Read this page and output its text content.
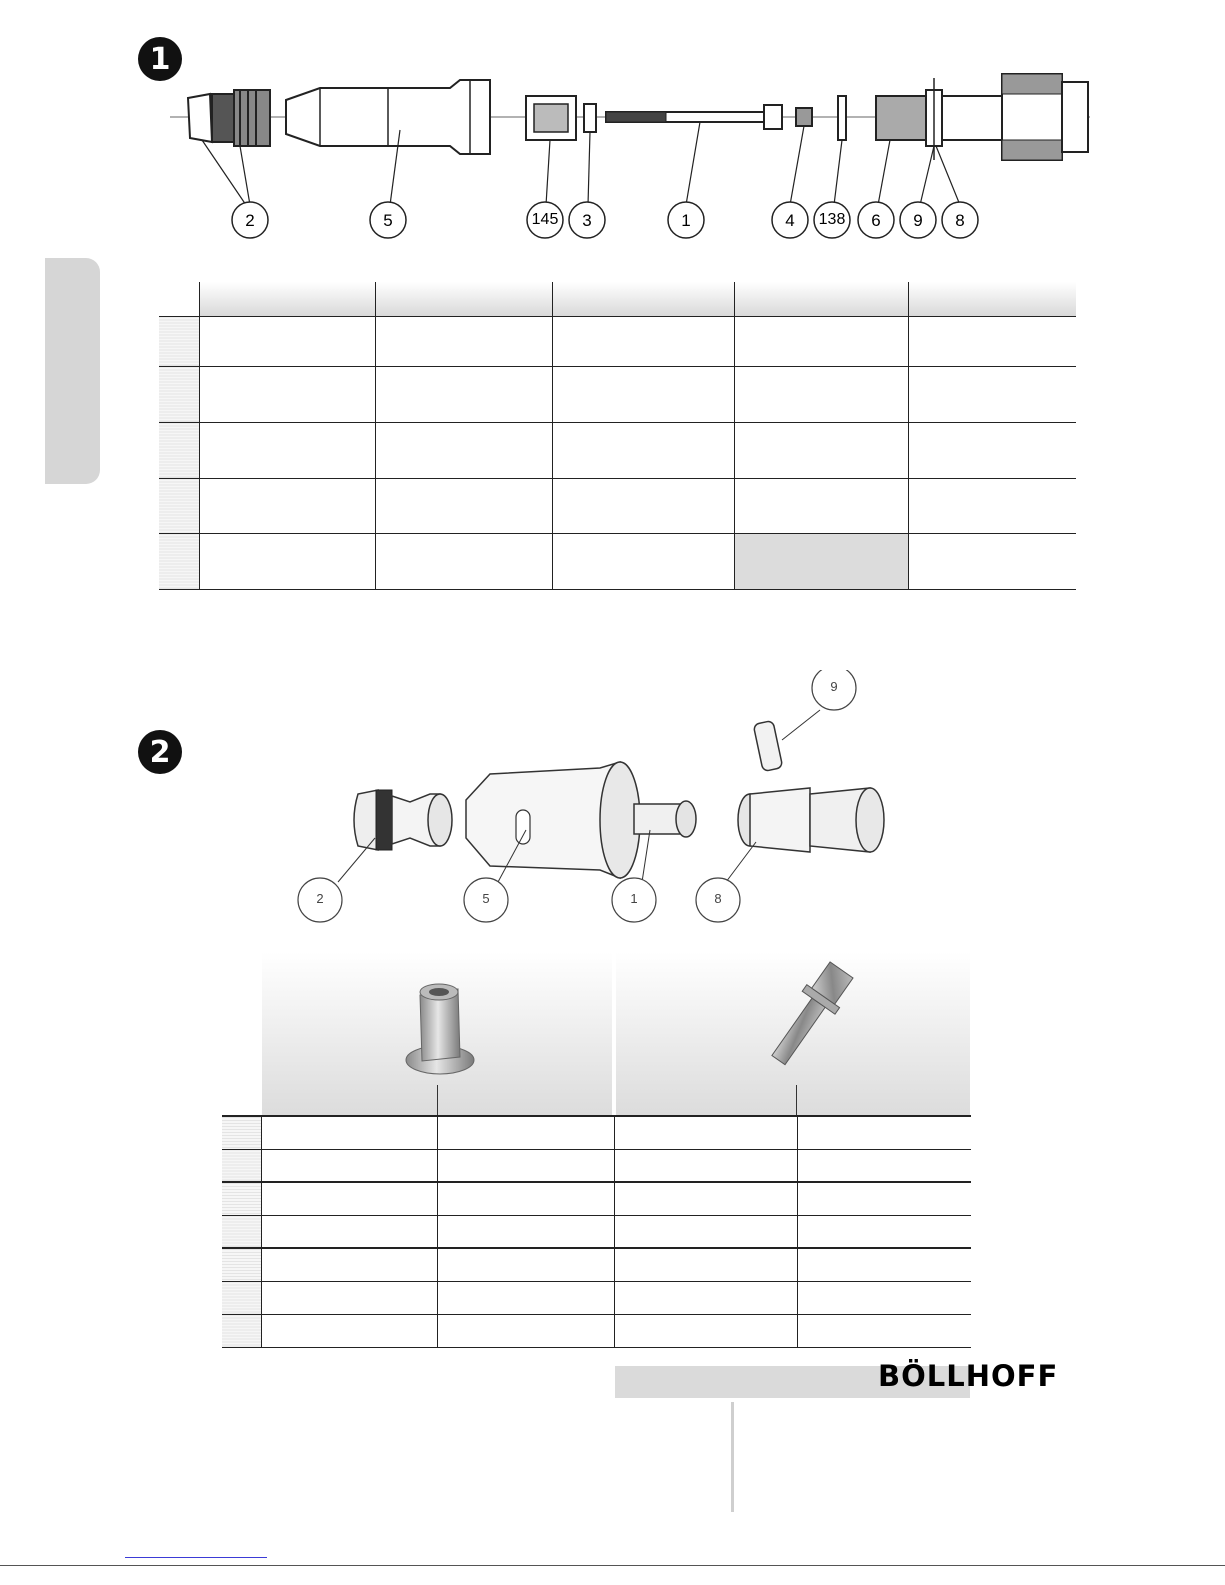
1
2	5	145	3	1	4	138	6	9	8

2
9
2	5	1	8

BÖLLHOFF
